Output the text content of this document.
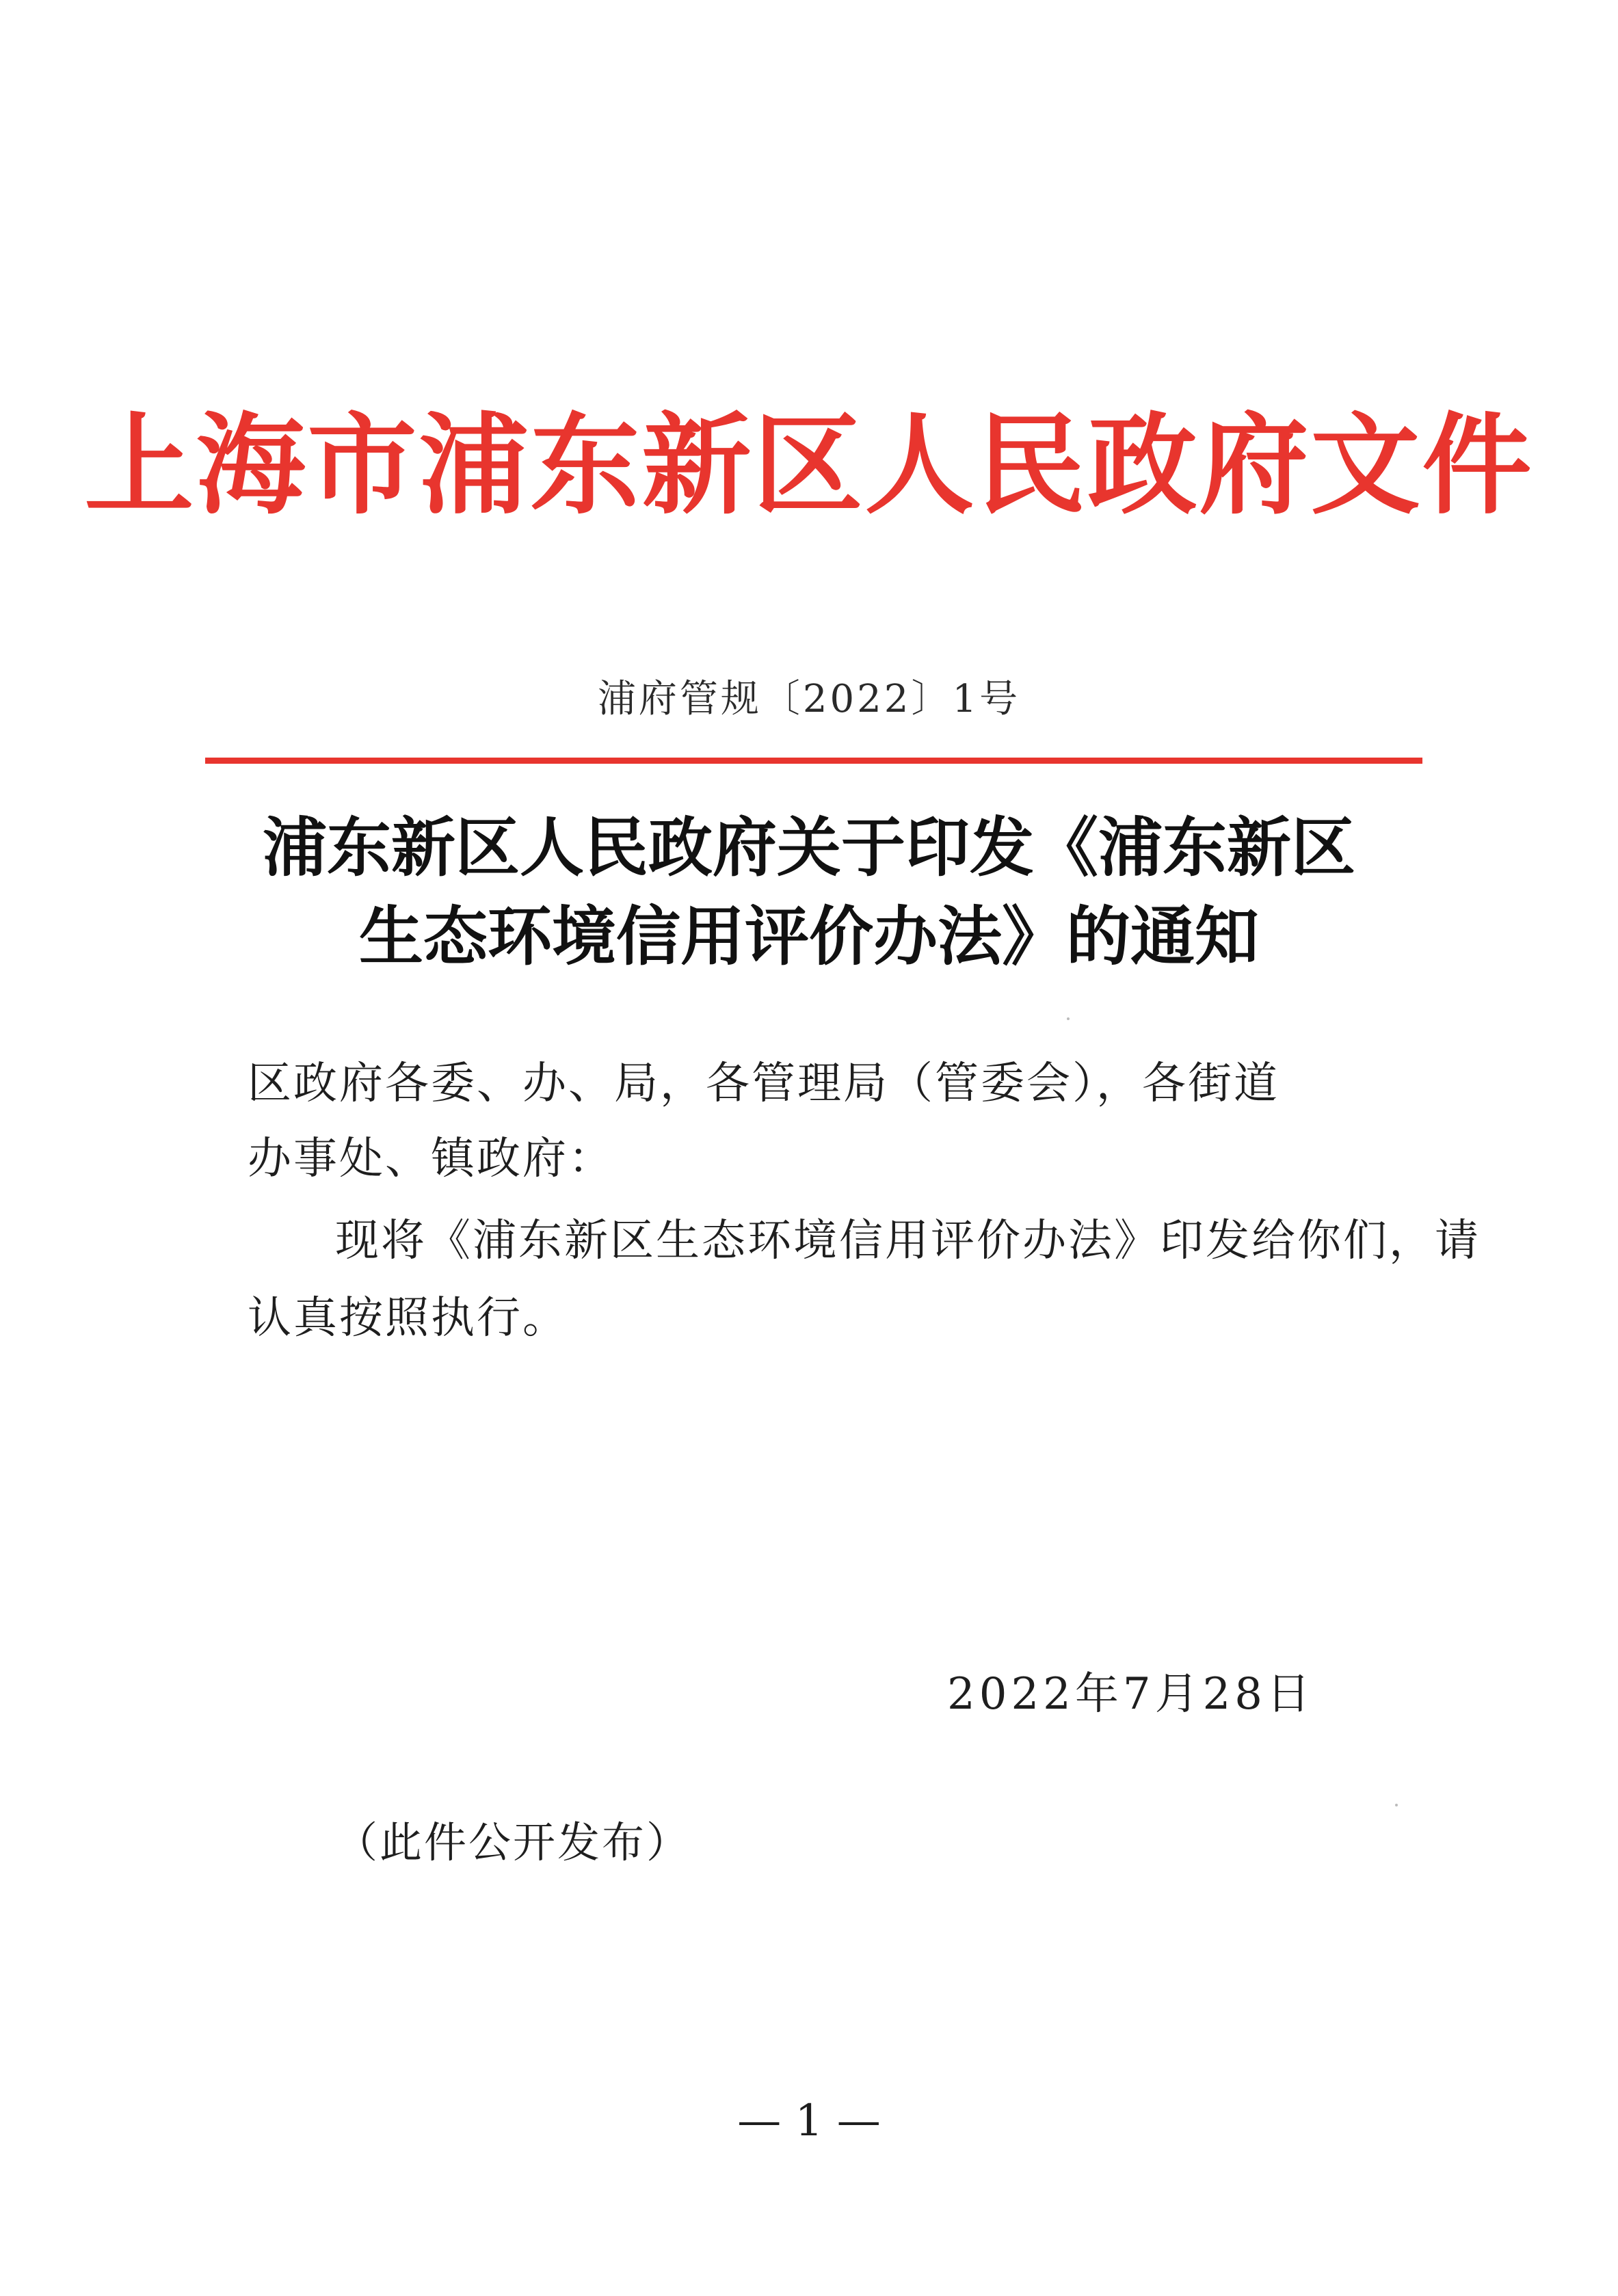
上海市浦东新区人民政府文件
浦府管规〔2022〕1号
浦东新区人民政府关于印发《浦东新区
生态环境信用评价办法》的通知
区政府各委、办、局，各管理局（管委会），各街道
办事处、镇政府：
现将《浦东新区生态环境信用评价办法》印发给你们，请
认真按照执行。
2022年7月28日
（此件公开发布）
— 1 —
